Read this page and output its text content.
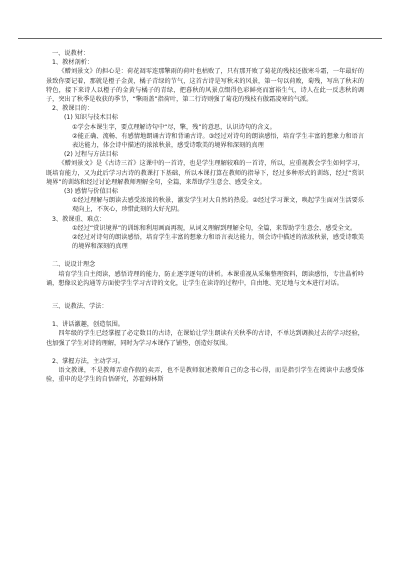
一、说教材：

1、教材剖析：

《赠刘景文》的担心是：荷花凋零连那擎雨的荷叶也枯败了，只有那开败了菊花的残枝还傲寒斗霜，一年最好的景致你要记着，那就是橙子金黄，橘子青绿的节气，这首古诗是写秋末的风景，第一句以荷败，菊残，写出了秋末的特色，接下来诗人以橙子的金黄与橘子的青绿，把暮秋的风景点缀得色彩鲜亮而富裕生气，诗人在此一反悲秋的调子，突出了秋季是收获的季节，“擎雨盖”指荷叶，第二行诗则强了菊花的残枝有傲霜凌寒的气派。

2、教课目的：

(1) 知识与技术目标

①学会本课生字，要点理解诗句中“尽，擎，残”的意思，认识诗句的含义。

②能正确、流畅、有感情地朗诵古诗和背诵古诗。③经过对诗句的朗读感悟，培育学生丰富的想象力和语言表达能力，体会诗中描述的浓浓秋景，感受诗歌美的境界和深刻的真理

(2) 过程与方法目标

《赠刘景文》是《古诗三首》这课中的一首诗，也是学生理解较难的一首诗，所以，应重视教会学生如何学习，既培育能力，又为此后学习古诗的教课打下基础，所以本课打算在教师的指导下，经过多种形式的训练，经过“赏识境界”的训练和经过讨论理解教师理解全句，全篇，来帮助学生意会、感受全文。

(3) 感情与价值目标

①经过理解与朗读去感受浓浓的秋景，激发学生对大自然的热爱。②经过学习课文，唤起学生面对生活要乐观向上，不灰心，珍惜此刻的大好光阴。

3、教课重、难点：

①经过“赏识境界”的训练和利用画面再现，从词义理解到理解全句，全篇，来帮助学生意会、感受全文。

②经过对诗句的朗读感悟，培育学生丰富的想象力和语言表达能力，领会诗中描述的浓浓秋景，感受诗歌美的境界和深刻的真理

二、说设计理念

培育学生自主阅读，感悟诗理的能力，防止逐字逐句的讲析。本课重视从采集整理资料，朗读感悟，专注晶析吟诵，想像议论沟通等方面使学生学习古诗的文化，让学生在读诗的过程中，自由地、充足地与文本进行对话。

三、说教法、学法：

1、讲话激趣，创造氛围。

四年级的学生已经掌握了必定数目的古诗，在课始让学生朗读有关秋季的古诗，不单达到调换过去的学习经验，也加强了学生对诗的理解，同时为学习本课作了铺垫，创造好氛围。

2、掌握方法，主动学习。

语文教课，不是教师弄虚作假的卖弄，也不是教师叙述教师自己的念书心得，而是指引学生在阅读中去感受体验，重申的是学生的自悟研究，苏霍姆林斯
